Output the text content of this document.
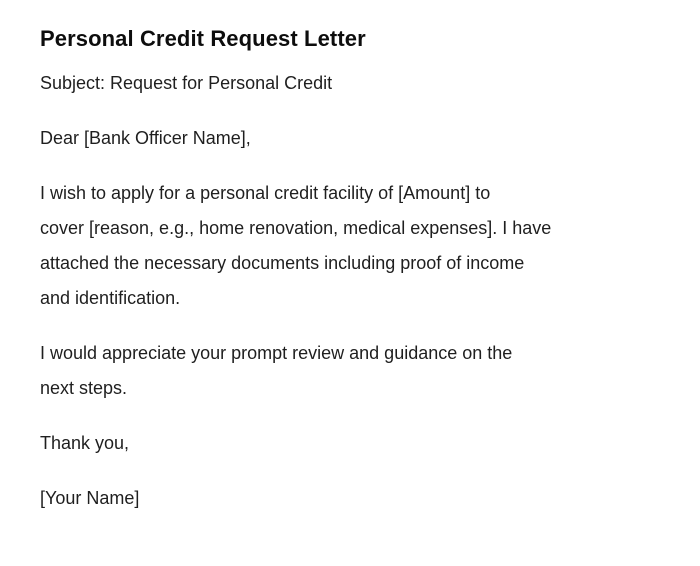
Personal Credit Request Letter

Subject: Request for Personal Credit

Dear [Bank Officer Name],

I wish to apply for a personal credit facility of [Amount] to
cover [reason, e.g., home renovation, medical expenses]. I have
attached the necessary documents including proof of income
and identification.

I would appreciate your prompt review and guidance on the
next steps.

Thank you,

[Your Name]
